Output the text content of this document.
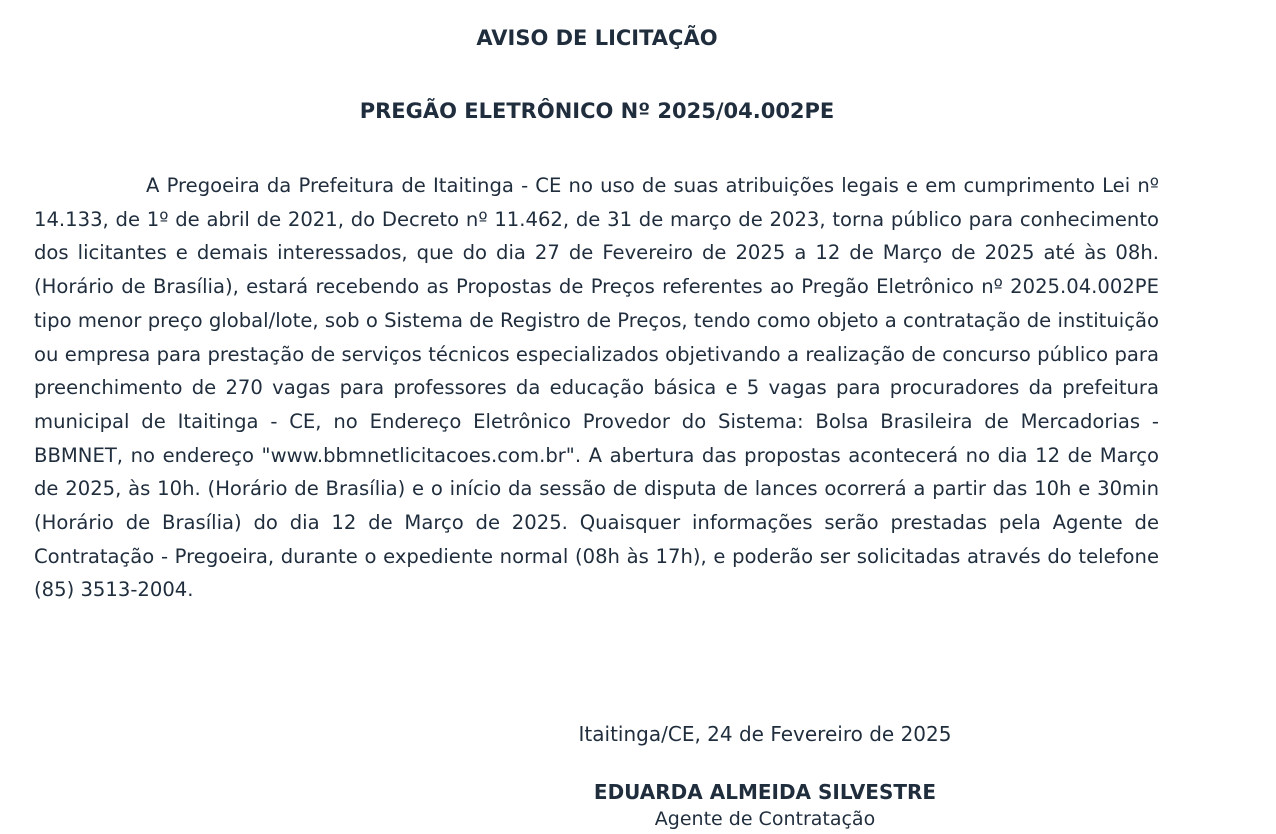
AVISO DE LICITAÇÃO
PREGÃO ELETRÔNICO Nº 2025/04.002PE

A Pregoeira da Prefeitura de Itaitinga - CE no uso de suas atribuições legais e em cumprimento Lei nº 14.133, de 1º de abril de 2021, do Decreto nº 11.462, de 31 de março de 2023, torna público para conhecimento dos licitantes e demais interessados, que do dia 27 de Fevereiro de 2025 a 12 de Março de 2025 até às 08h. (Horário de Brasília), estará recebendo as Propostas de Preços referentes ao Pregão Eletrônico nº 2025.04.002PE tipo menor preço global/lote, sob o Sistema de Registro de Preços, tendo como objeto a contratação de instituição ou empresa para prestação de serviços técnicos especializados objetivando a realização de concurso público para preenchimento de 270 vagas para professores da educação básica e 5 vagas para procuradores da prefeitura municipal de Itaitinga - CE, no Endereço Eletrônico Provedor do Sistema: Bolsa Brasileira de Mercadorias - BBMNET, no endereço "www.bbmnetlicitacoes.com.br". A abertura das propostas acontecerá no dia 12 de Março de 2025, às 10h. (Horário de Brasília) e o início da sessão de disputa de lances ocorrerá a partir das 10h e 30min (Horário de Brasília) do dia 12 de Março de 2025. Quaisquer informações serão prestadas pela Agente de Contratação - Pregoeira, durante o expediente normal (08h às 17h), e poderão ser solicitadas através do telefone (85) 3513-2004.

Itaitinga/CE, 24 de Fevereiro de 2025

EDUARDA ALMEIDA SILVESTRE

Agente de Contratação
